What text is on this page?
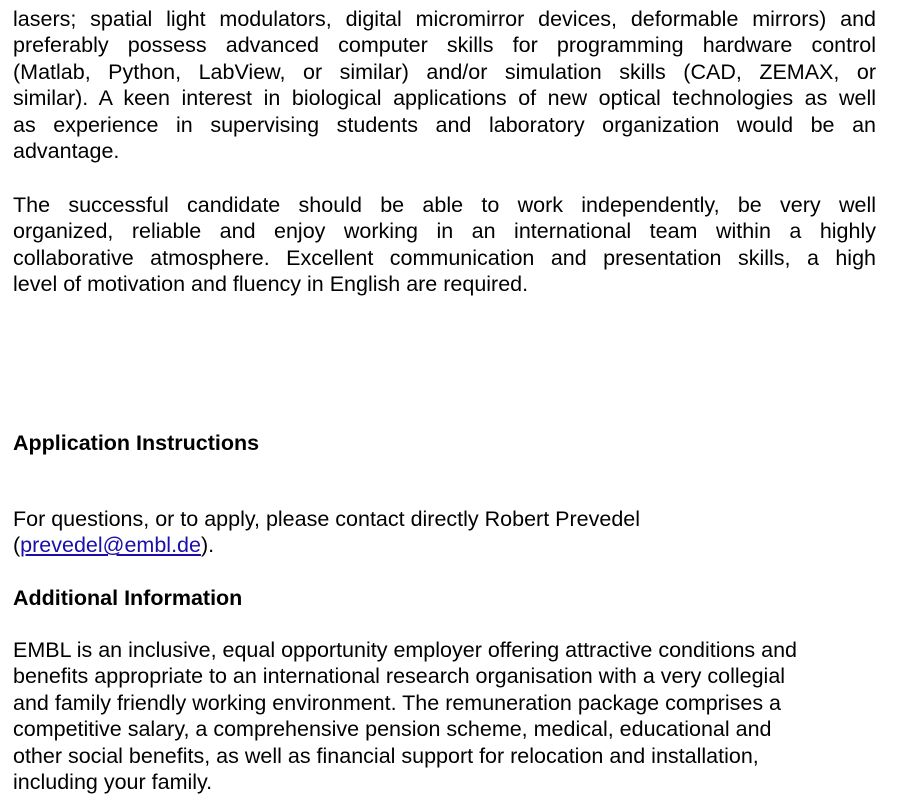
lasers; spatial light modulators, digital micromirror devices, deformable mirrors) and
preferably possess advanced computer skills for programming hardware control
(Matlab, Python, LabView, or similar) and/or simulation skills (CAD, ZEMAX, or
similar). A keen interest in biological applications of new optical technologies as well
as experience in supervising students and laboratory organization would be an
advantage.
The successful candidate should be able to work independently, be very well
organized, reliable and enjoy working in an international team within a highly
collaborative atmosphere. Excellent communication and presentation skills, a high
level of motivation and fluency in English are required.
Application Instructions
For questions, or to apply, please contact directly Robert Prevedel
(prevedel@embl.de).
Additional Information
EMBL is an inclusive, equal opportunity employer offering attractive conditions and
benefits appropriate to an international research organisation with a very collegial
and family friendly working environment. The remuneration package comprises a
competitive salary, a comprehensive pension scheme, medical, educational and
other social benefits, as well as financial support for relocation and installation,
including your family.
